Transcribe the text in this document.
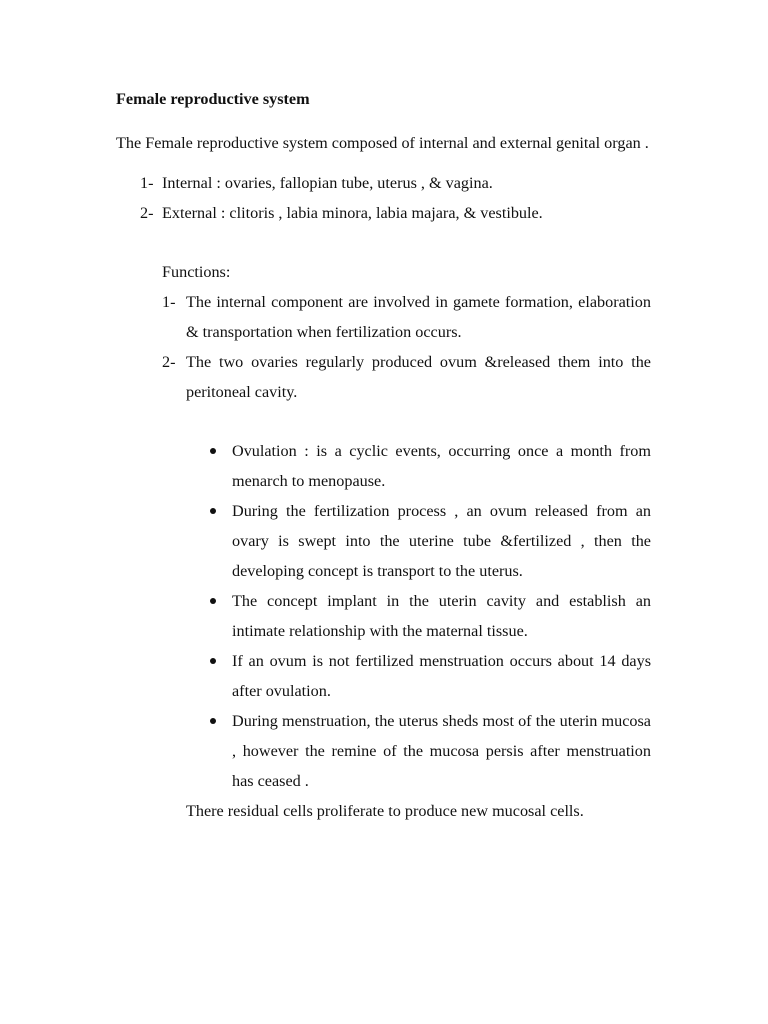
Female reproductive system

The Female reproductive system composed of internal and external genital organ .

1- Internal : ovaries, fallopian tube, uterus , & vagina.
2- External : clitoris , labia minora, labia majara, & vestibule.

Functions:

1- The internal component are involved in gamete formation, elaboration & transportation when fertilization occurs.
2- The two ovaries regularly produced ovum &released them into the peritoneal cavity.
Ovulation : is a cyclic events, occurring once a month from menarch to menopause.
During the fertilization process , an ovum released from an ovary is swept into the uterine tube &fertilized , then the developing concept is transport to the uterus.
The concept implant in the uterin cavity and establish an intimate relationship with the maternal tissue.
If an ovum is not fertilized menstruation occurs about 14 days after ovulation.
During menstruation, the uterus sheds most of the uterin mucosa , however the remine of the mucosa persis after menstruation has ceased .

There residual cells proliferate to produce new mucosal cells.
